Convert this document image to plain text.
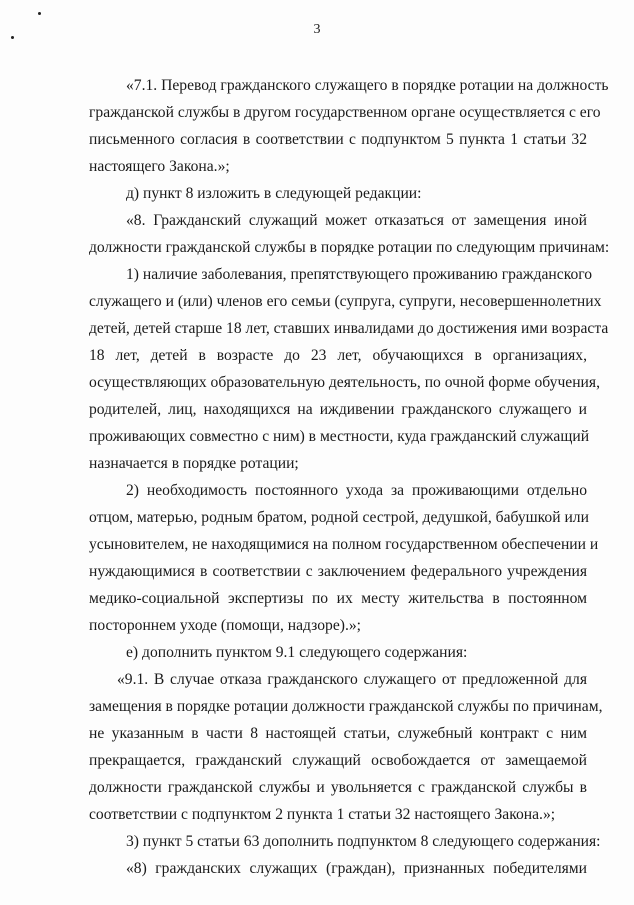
3
«7.1. Перевод гражданского служащего в порядке ротации на должность
гражданской службы в другом государственном органе осуществляется с его
письменного согласия в соответствии с подпунктом 5 пункта 1 статьи 32
настоящего Закона.»;
д) пункт 8 изложить в следующей редакции:
«8. Гражданский служащий может отказаться от замещения иной
должности гражданской службы в порядке ротации по следующим причинам:
1) наличие заболевания, препятствующего проживанию гражданского
служащего и (или) членов его семьи (супруга, супруги, несовершеннолетних
детей, детей старше 18 лет, ставших инвалидами до достижения ими возраста
18 лет, детей в возрасте до 23 лет, обучающихся в организациях,
осуществляющих образовательную деятельность, по очной форме обучения,
родителей, лиц, находящихся на иждивении гражданского служащего и
проживающих совместно с ним) в местности, куда гражданский служащий
назначается в порядке ротации;
2) необходимость постоянного ухода за проживающими отдельно
отцом, матерью, родным братом, родной сестрой, дедушкой, бабушкой или
усыновителем, не находящимися на полном государственном обеспечении и
нуждающимися в соответствии с заключением федерального учреждения
медико-социальной экспертизы по их месту жительства в постоянном
постороннем уходе (помощи, надзоре).»;
е) дополнить пунктом 9.1 следующего содержания:
«9.1. В случае отказа гражданского служащего от предложенной для
замещения в порядке ротации должности гражданской службы по причинам,
не указанным в части 8 настоящей статьи, служебный контракт с ним
прекращается, гражданский служащий освобождается от замещаемой
должности гражданской службы и увольняется с гражданской службы в
соответствии с подпунктом 2 пункта 1 статьи 32 настоящего Закона.»;
3) пункт 5 статьи 63 дополнить подпунктом 8 следующего содержания:
«8) гражданских служащих (граждан), признанных победителями
